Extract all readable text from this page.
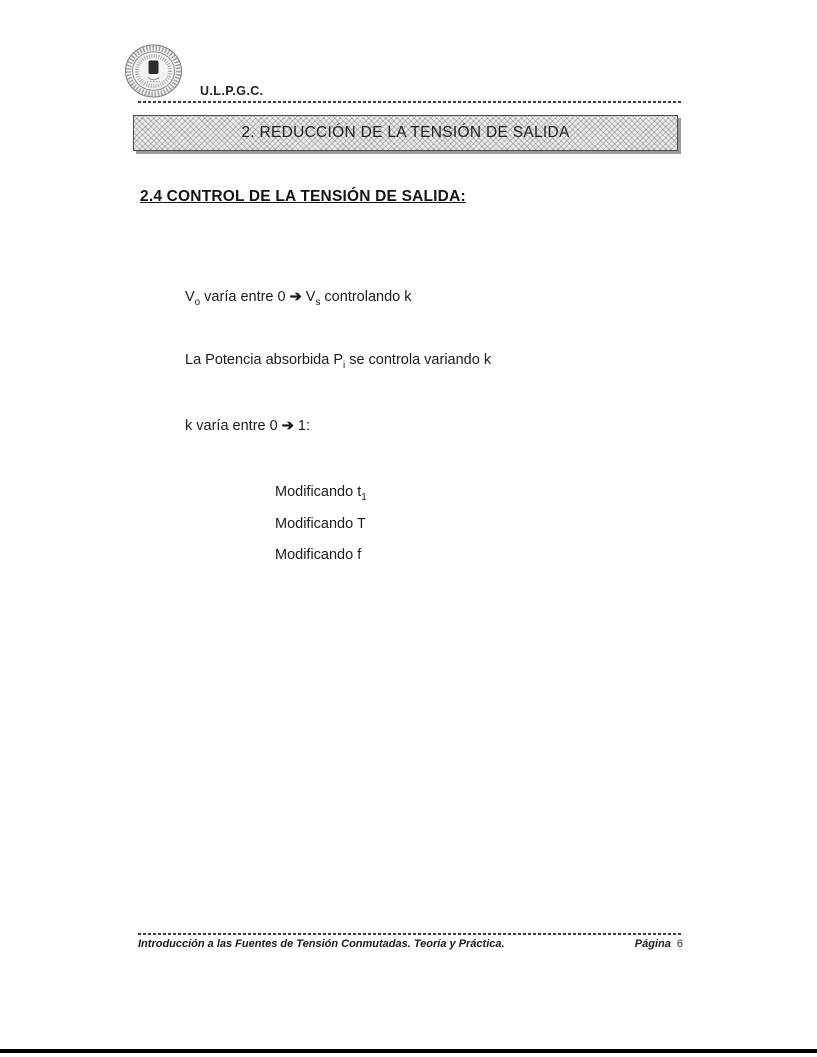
U.L.P.G.C.
2. REDUCCIÓN DE LA TENSIÓN DE SALIDA
2.4 CONTROL DE LA TENSIÓN DE SALIDA:
$V_o$ varía entre 0 ➔ $V_s$ controlando k
La Potencia absorbida $P_i$ se controla variando k
k varía entre 0 ➔ 1:
Modificando $t_1$
Modificando T
Modificando f
Introducción a las Fuentes de Tensión Conmutadas. Teoría y Práctica.	Página 6
